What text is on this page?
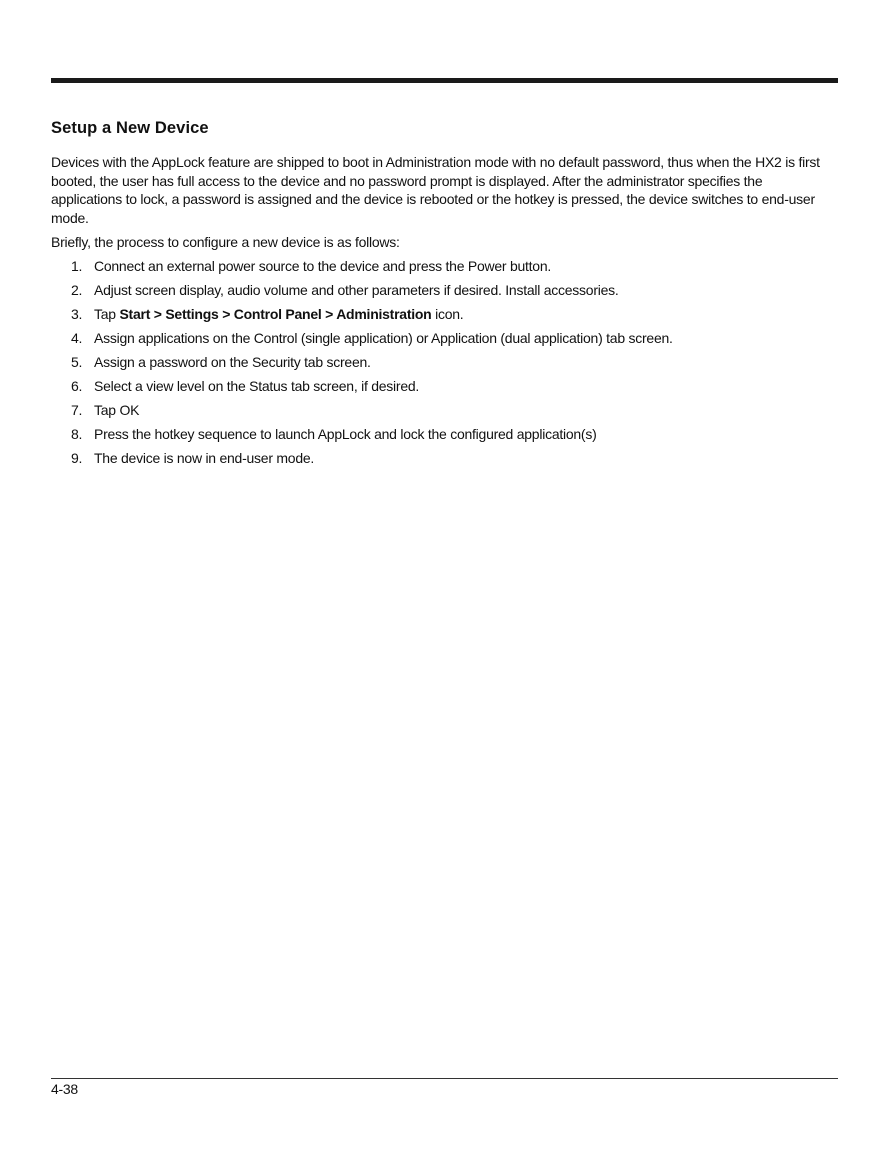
Setup a New Device

Devices with the AppLock feature are shipped to boot in Administration mode with no default password, thus when the HX2 is first booted, the user has full access to the device and no password prompt is displayed. After the administrator specifies the applications to lock, a password is assigned and the device is rebooted or the hotkey is pressed, the device switches to end-user mode.

Briefly, the process to configure a new device is as follows:

1. Connect an external power source to the device and press the Power button.
2. Adjust screen display, audio volume and other parameters if desired. Install accessories.
3. Tap Start > Settings > Control Panel > Administration icon.
4. Assign applications on the Control (single application) or Application (dual application) tab screen.
5. Assign a password on the Security tab screen.
6. Select a view level on the Status tab screen, if desired.
7. Tap OK
8. Press the hotkey sequence to launch AppLock and lock the configured application(s)
9. The device is now in end-user mode.
4-38
